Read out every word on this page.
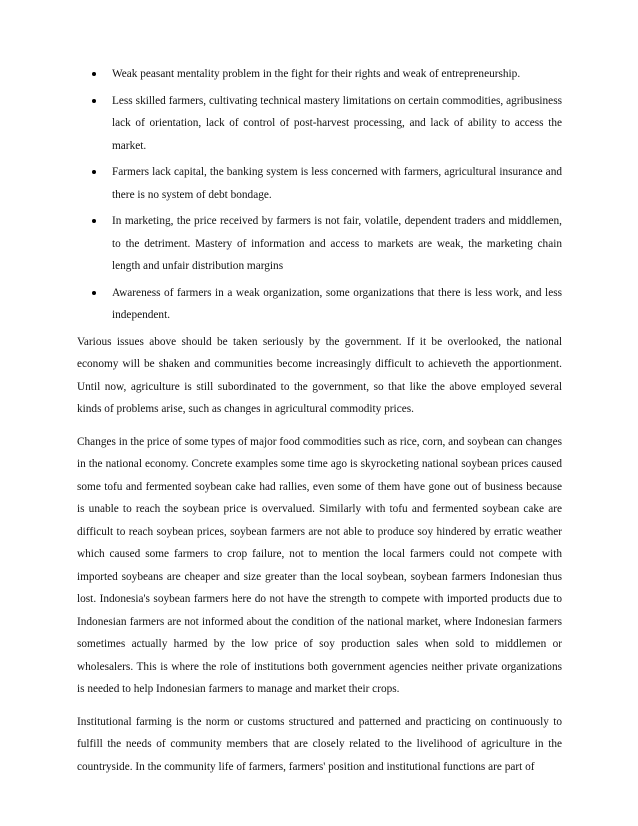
Weak peasant mentality problem in the fight for their rights and weak of entrepreneurship.
Less skilled farmers, cultivating technical mastery limitations on certain commodities, agribusiness lack of orientation, lack of control of post-harvest processing, and lack of ability to access the market.
Farmers lack capital, the banking system is less concerned with farmers, agricultural insurance and there is no system of debt bondage.
In marketing, the price received by farmers is not fair, volatile, dependent traders and middlemen, to the detriment. Mastery of information and access to markets are weak, the marketing chain length and unfair distribution margins
Awareness of farmers in a weak organization, some organizations that there is less work, and less independent.

Various issues above should be taken seriously by the government. If it be overlooked, the national economy will be shaken and communities become increasingly difficult to achieveth the apportionment. Until now, agriculture is still subordinated to the government, so that like the above employed several kinds of problems arise, such as changes in agricultural commodity prices.

Changes in the price of some types of major food commodities such as rice, corn, and soybean can changes in the national economy. Concrete examples some time ago is skyrocketing national soybean prices caused some tofu and fermented soybean cake had rallies, even some of them have gone out of business because is unable to reach the soybean price is overvalued. Similarly with tofu and fermented soybean cake are difficult to reach soybean prices, soybean farmers are not able to produce soy hindered by erratic weather which caused some farmers to crop failure, not to mention the local farmers could not compete with imported soybeans are cheaper and size greater than the local soybean, soybean farmers Indonesian thus lost. Indonesia's soybean farmers here do not have the strength to compete with imported products due to Indonesian farmers are not informed about the condition of the national market, where Indonesian farmers sometimes actually harmed by the low price of soy production sales when sold to middlemen or wholesalers. This is where the role of institutions both government agencies neither private organizations is needed to help Indonesian farmers to manage and market their crops.

Institutional farming is the norm or customs structured and patterned and practicing on continuously to fulfill the needs of community members that are closely related to the livelihood of agriculture in the countryside. In the community life of farmers, farmers' position and institutional functions are part of
